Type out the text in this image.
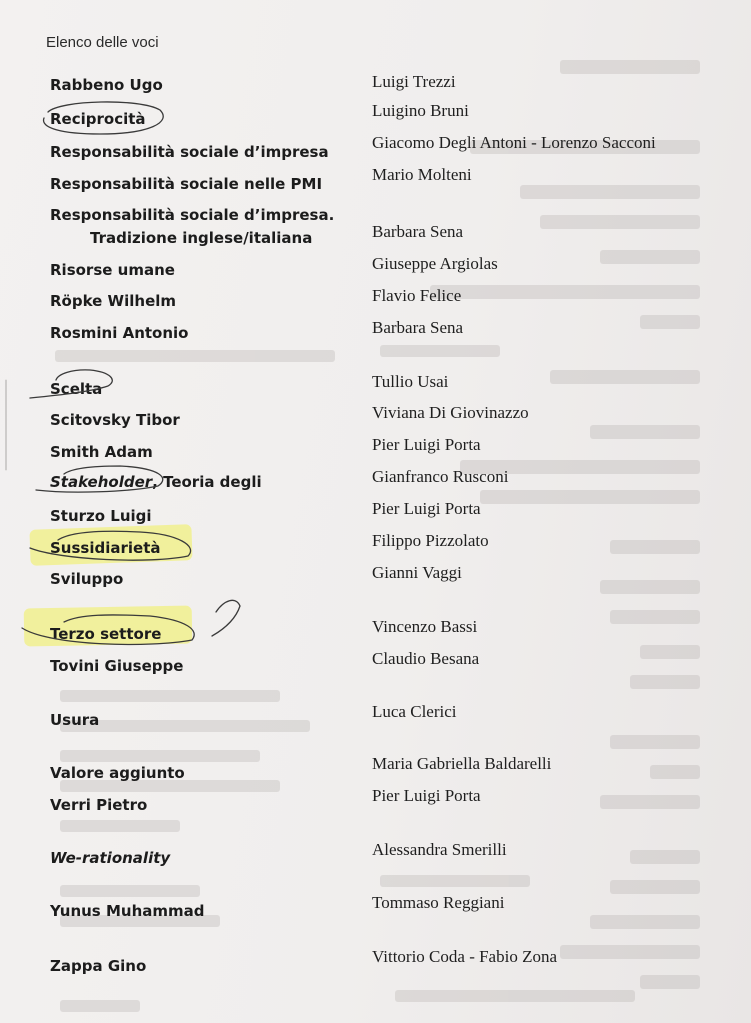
Elenco delle voci
Rabbeno Ugo
Reciprocità
Responsabilità sociale d’impresa
Responsabilità sociale nelle PMI
Responsabilità sociale d’impresa.
Tradizione inglese/italiana
Risorse umane
Röpke Wilhelm
Rosmini Antonio
Scelta
Scitovsky Tibor
Smith Adam
Stakeholder, Teoria degli
Sturzo Luigi
Sussidiarietà
Sviluppo
Terzo settore
Tovini Giuseppe
Usura
Valore aggiunto
Verri Pietro
We-rationality
Yunus Muhammad
Zappa Gino
Luigi Trezzi
Luigino Bruni
Giacomo Degli Antoni - Lorenzo Sacconi
Mario Molteni
Barbara Sena
Giuseppe Argiolas
Flavio Felice
Barbara Sena
Tullio Usai
Viviana Di Giovinazzo
Pier Luigi Porta
Gianfranco Rusconi
Pier Luigi Porta
Filippo Pizzolato
Gianni Vaggi
Vincenzo Bassi
Claudio Besana
Luca Clerici
Maria Gabriella Baldarelli
Pier Luigi Porta
Alessandra Smerilli
Tommaso Reggiani
Vittorio Coda - Fabio Zona
